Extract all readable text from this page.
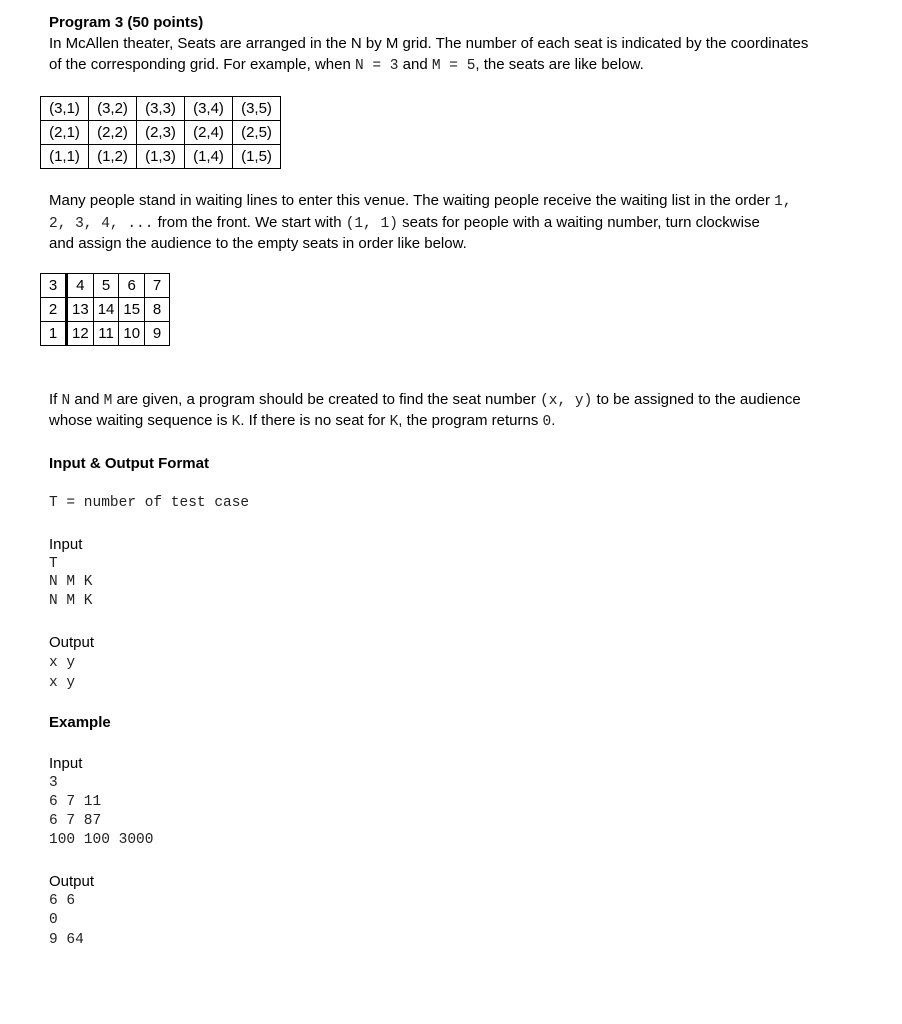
Program 3 (50 points)
In McAllen theater, Seats are arranged in the N by M grid. The number of each seat is indicated by the coordinates
of the corresponding grid. For example, when N = 3 and M = 5, the seats are like below.
(3,1)	(3,2)	(3,3)	(3,4)	(3,5)
(2,1)	(2,2)	(2,3)	(2,4)	(2,5)
(1,1)	(1,2)	(1,3)	(1,4)	(1,5)
Many people stand in waiting lines to enter this venue. The waiting people receive the waiting list in the order 1,
2, 3, 4, ... from the front. We start with (1, 1) seats for people with a waiting number, turn clockwise
and assign the audience to the empty seats in order like below.
3	4	5	6	7
2	13	14	15	8
1	12	11	10	9
If N and M are given, a program should be created to find the seat number (x, y) to be assigned to the audience
whose waiting sequence is K. If there is no seat for K, the program returns 0.
Input & Output Format
T = number of test case
Input
T
N M K
N M K
Output
x y
x y
Example
Input
3
6 7 11
6 7 87
100 100 3000
Output
6 6
0
9 64
